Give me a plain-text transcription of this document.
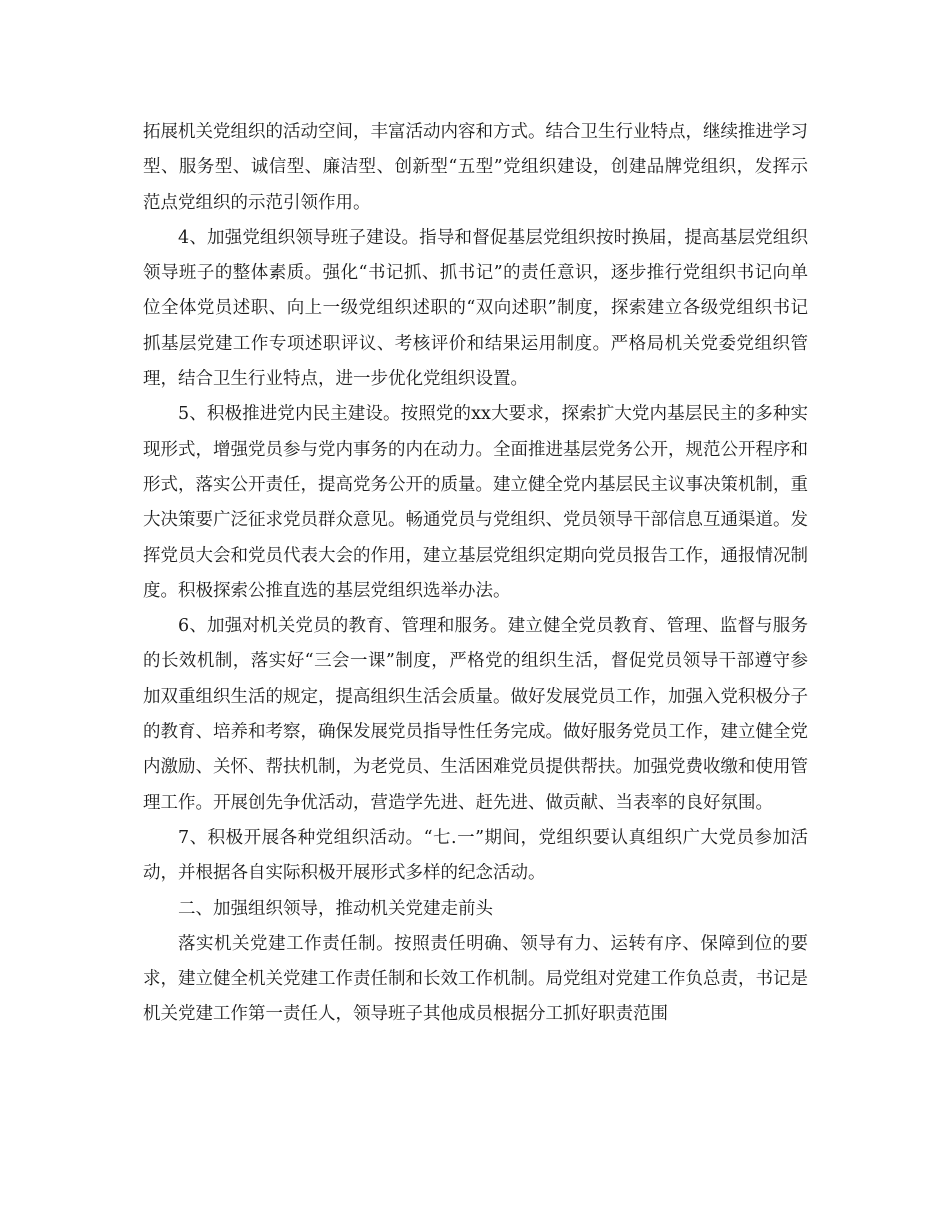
拓展机关党组织的活动空间，丰富活动内容和方式。结合卫生行业特点，继续推进学习型、服务型、诚信型、廉洁型、创新型“五型”党组织建设，创建品牌党组织，发挥示范点党组织的示范引领作用。

4、加强党组织领导班子建设。指导和督促基层党组织按时换届，提高基层党组织领导班子的整体素质。强化“书记抓、抓书记”的责任意识，逐步推行党组织书记向单位全体党员述职、向上一级党组织述职的“双向述职”制度，探索建立各级党组织书记抓基层党建工作专项述职评议、考核评价和结果运用制度。严格局机关党委党组织管理，结合卫生行业特点，进一步优化党组织设置。

5、积极推进党内民主建设。按照党的xx大要求，探索扩大党内基层民主的多种实现形式，增强党员参与党内事务的内在动力。全面推进基层党务公开，规范公开程序和形式，落实公开责任，提高党务公开的质量。建立健全党内基层民主议事决策机制，重大决策要广泛征求党员群众意见。畅通党员与党组织、党员领导干部信息互通渠道。发挥党员大会和党员代表大会的作用，建立基层党组织定期向党员报告工作，通报情况制度。积极探索公推直选的基层党组织选举办法。

6、加强对机关党员的教育、管理和服务。建立健全党员教育、管理、监督与服务的长效机制，落实好“三会一课”制度，严格党的组织生活，督促党员领导干部遵守参加双重组织生活的规定，提高组织生活会质量。做好发展党员工作，加强入党积极分子的教育、培养和考察，确保发展党员指导性任务完成。做好服务党员工作，建立健全党内激励、关怀、帮扶机制，为老党员、生活困难党员提供帮扶。加强党费收缴和使用管理工作。开展创先争优活动，营造学先进、赶先进、做贡献、当表率的良好氛围。

7、积极开展各种党组织活动。“七.一”期间，党组织要认真组织广大党员参加活动，并根据各自实际积极开展形式多样的纪念活动。

二、加强组织领导，推动机关党建走前头

落实机关党建工作责任制。按照责任明确、领导有力、运转有序、保障到位的要求，建立健全机关党建工作责任制和长效工作机制。局党组对党建工作负总责，书记是机关党建工作第一责任人，领导班子其他成员根据分工抓好职责范围
